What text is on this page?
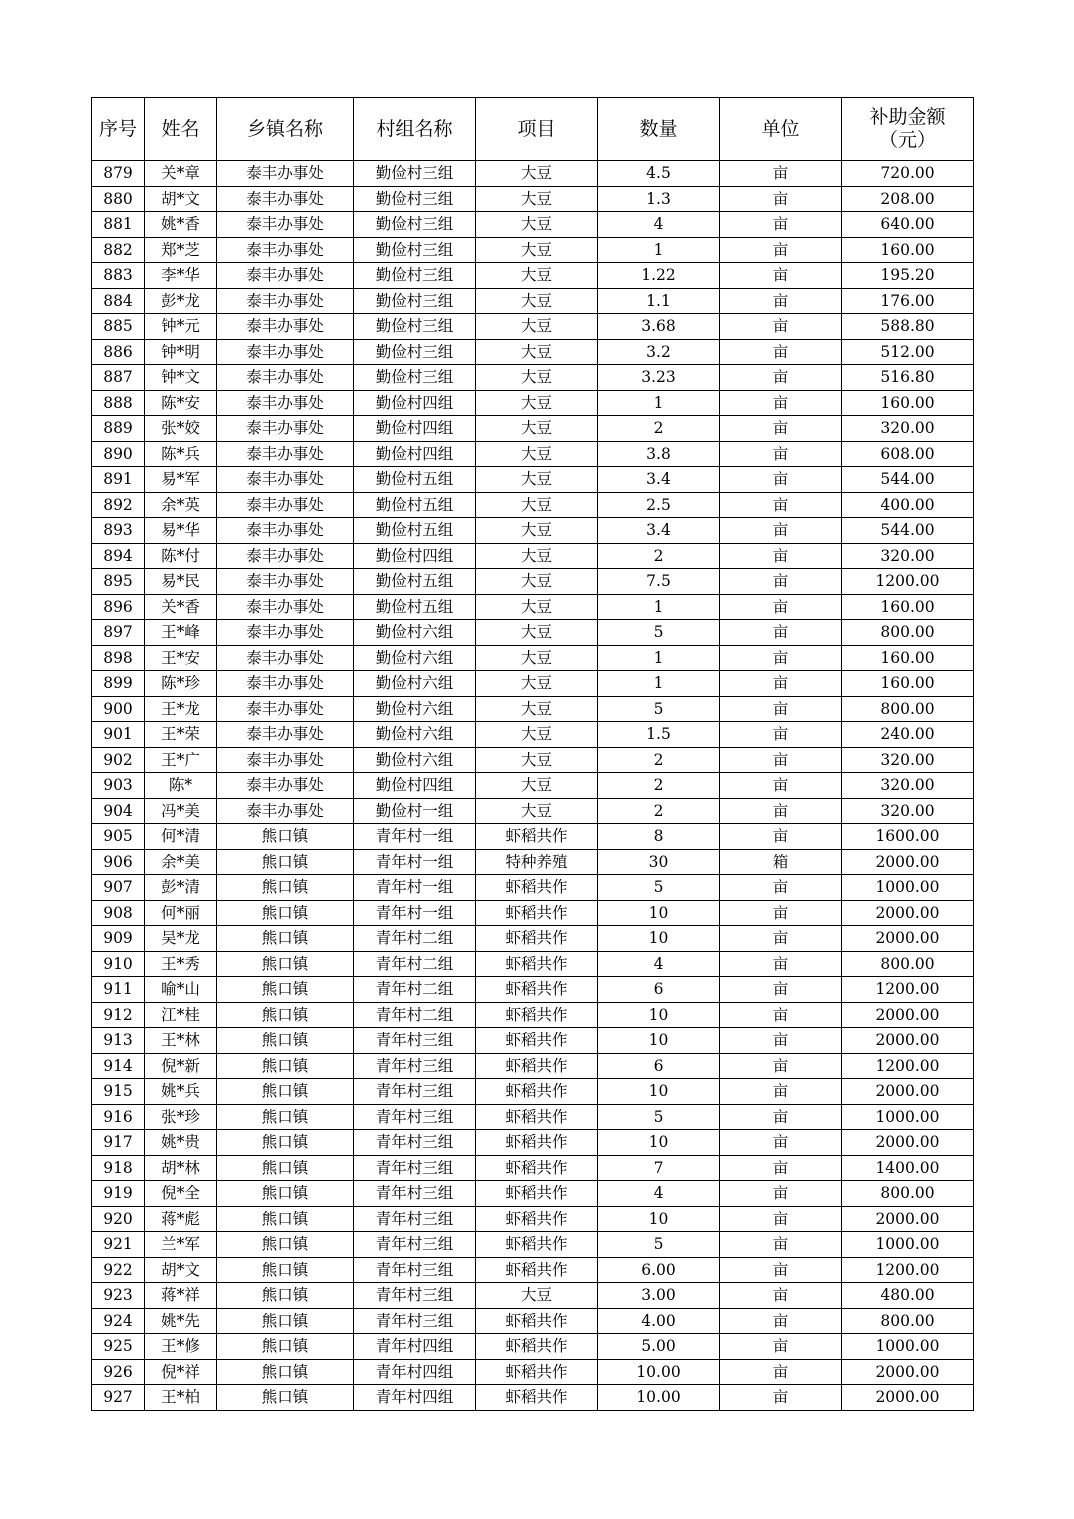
序号	姓名	乡镇名称	村组名称	项目	数量	单位	补助金额
（元）

879	关*章	泰丰办事处	勤俭村三组	大豆	4.5	亩	720.00
880	胡*文	泰丰办事处	勤俭村三组	大豆	1.3	亩	208.00
881	姚*香	泰丰办事处	勤俭村三组	大豆	4	亩	640.00
882	郑*芝	泰丰办事处	勤俭村三组	大豆	1	亩	160.00
883	李*华	泰丰办事处	勤俭村三组	大豆	1.22	亩	195.20
884	彭*龙	泰丰办事处	勤俭村三组	大豆	1.1	亩	176.00
885	钟*元	泰丰办事处	勤俭村三组	大豆	3.68	亩	588.80
886	钟*明	泰丰办事处	勤俭村三组	大豆	3.2	亩	512.00
887	钟*文	泰丰办事处	勤俭村三组	大豆	3.23	亩	516.80
888	陈*安	泰丰办事处	勤俭村四组	大豆	1	亩	160.00
889	张*姣	泰丰办事处	勤俭村四组	大豆	2	亩	320.00
890	陈*兵	泰丰办事处	勤俭村四组	大豆	3.8	亩	608.00
891	易*军	泰丰办事处	勤俭村五组	大豆	3.4	亩	544.00
892	余*英	泰丰办事处	勤俭村五组	大豆	2.5	亩	400.00
893	易*华	泰丰办事处	勤俭村五组	大豆	3.4	亩	544.00
894	陈*付	泰丰办事处	勤俭村四组	大豆	2	亩	320.00
895	易*民	泰丰办事处	勤俭村五组	大豆	7.5	亩	1200.00
896	关*香	泰丰办事处	勤俭村五组	大豆	1	亩	160.00
897	王*峰	泰丰办事处	勤俭村六组	大豆	5	亩	800.00
898	王*安	泰丰办事处	勤俭村六组	大豆	1	亩	160.00
899	陈*珍	泰丰办事处	勤俭村六组	大豆	1	亩	160.00
900	王*龙	泰丰办事处	勤俭村六组	大豆	5	亩	800.00
901	王*荣	泰丰办事处	勤俭村六组	大豆	1.5	亩	240.00
902	王*广	泰丰办事处	勤俭村六组	大豆	2	亩	320.00
903	陈*	泰丰办事处	勤俭村四组	大豆	2	亩	320.00
904	冯*美	泰丰办事处	勤俭村一组	大豆	2	亩	320.00
905	何*清	熊口镇	青年村一组	虾稻共作	8	亩	1600.00
906	余*美	熊口镇	青年村一组	特种养殖	30	箱	2000.00
907	彭*清	熊口镇	青年村一组	虾稻共作	5	亩	1000.00
908	何*丽	熊口镇	青年村一组	虾稻共作	10	亩	2000.00
909	吴*龙	熊口镇	青年村二组	虾稻共作	10	亩	2000.00
910	王*秀	熊口镇	青年村二组	虾稻共作	4	亩	800.00
911	喻*山	熊口镇	青年村二组	虾稻共作	6	亩	1200.00
912	江*桂	熊口镇	青年村二组	虾稻共作	10	亩	2000.00
913	王*林	熊口镇	青年村三组	虾稻共作	10	亩	2000.00
914	倪*新	熊口镇	青年村三组	虾稻共作	6	亩	1200.00
915	姚*兵	熊口镇	青年村三组	虾稻共作	10	亩	2000.00
916	张*珍	熊口镇	青年村三组	虾稻共作	5	亩	1000.00
917	姚*贵	熊口镇	青年村三组	虾稻共作	10	亩	2000.00
918	胡*林	熊口镇	青年村三组	虾稻共作	7	亩	1400.00
919	倪*全	熊口镇	青年村三组	虾稻共作	4	亩	800.00
920	蒋*彪	熊口镇	青年村三组	虾稻共作	10	亩	2000.00
921	兰*军	熊口镇	青年村三组	虾稻共作	5	亩	1000.00
922	胡*文	熊口镇	青年村三组	虾稻共作	6.00	亩	1200.00
923	蒋*祥	熊口镇	青年村三组	大豆	3.00	亩	480.00
924	姚*先	熊口镇	青年村三组	虾稻共作	4.00	亩	800.00
925	王*修	熊口镇	青年村四组	虾稻共作	5.00	亩	1000.00
926	倪*祥	熊口镇	青年村四组	虾稻共作	10.00	亩	2000.00
927	王*柏	熊口镇	青年村四组	虾稻共作	10.00	亩	2000.00
